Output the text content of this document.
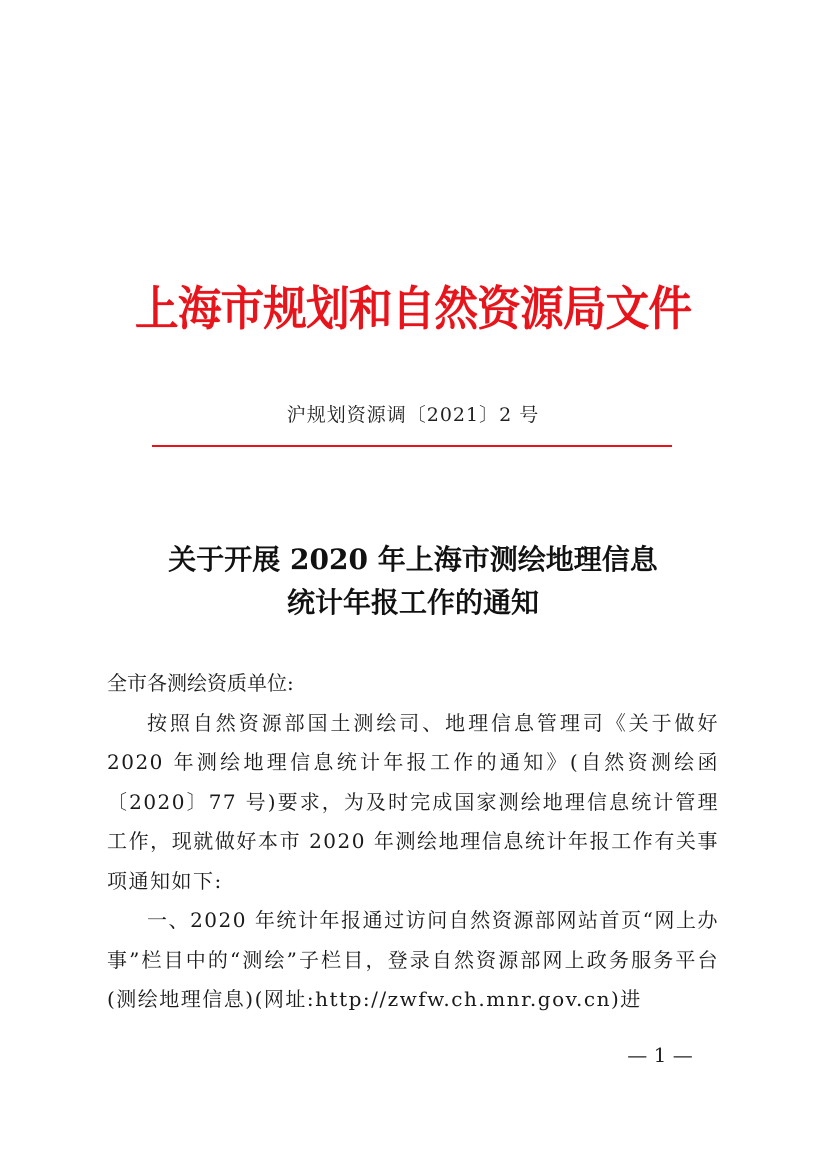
上海市规划和自然资源局文件
沪规划资源调〔2021〕2 号
关于开展 2020 年上海市测绘地理信息
统计年报工作的通知

全市各测绘资质单位:

按照自然资源部国土测绘司、地理信息管理司《关于做好 2020 年测绘地理信息统计年报工作的通知》(自然资测绘函〔2020〕77 号)要求，为及时完成国家测绘地理信息统计管理工作，现就做好本市 2020 年测绘地理信息统计年报工作有关事项通知如下:

一、2020 年统计年报通过访问自然资源部网站首页“网上办事”栏目中的“测绘”子栏目，登录自然资源部网上政务服务平台(测绘地理信息)(网址:http://zwfw.ch.mnr.gov.cn)进

— 1 —
